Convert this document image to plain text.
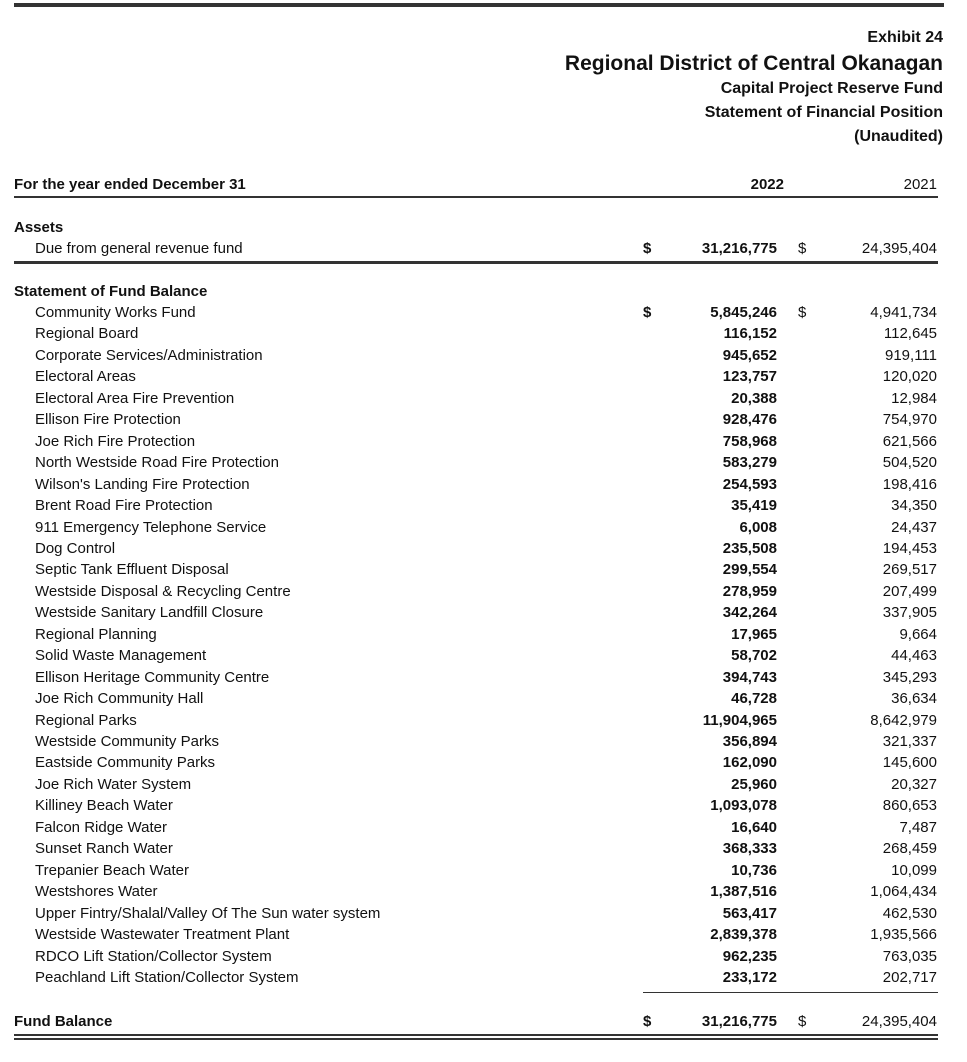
Exhibit 24
Regional District of Central Okanagan
Capital Project Reserve Fund
Statement of Financial Position
(Unaudited)
For the year ended December 31	2022	2021
Assets
Due from general revenue fund	$	31,216,775 $	24,395,404
Statement of Fund Balance
$	$
Community Works Fund	5,845,246	4,941,734
Regional Board	116,152	112,645
Corporate Services/Administration	945,652	919,111
Electoral Areas	123,757	120,020
Electoral Area Fire Prevention	20,388	12,984
Ellison Fire Protection	928,476	754,970
Joe Rich Fire Protection	758,968	621,566
North Westside Road Fire Protection	583,279	504,520
Wilson's Landing Fire Protection	254,593	198,416
Brent Road Fire Protection	35,419	34,350
911 Emergency Telephone Service	6,008	24,437
Dog Control	235,508	194,453
Septic Tank Effluent Disposal	299,554	269,517
Westside Disposal & Recycling Centre	278,959	207,499
Westside Sanitary Landfill Closure	342,264	337,905
Regional Planning	17,965	9,664
Solid Waste Management	58,702	44,463
Ellison Heritage Community Centre	394,743	345,293
Joe Rich Community Hall	46,728	36,634
Regional Parks	11,904,965	8,642,979
Westside Community Parks	356,894	321,337
Eastside Community Parks	162,090	145,600
Joe Rich Water System	25,960	20,327
Killiney Beach Water	1,093,078	860,653
Falcon Ridge Water	16,640	7,487
Sunset Ranch Water	368,333	268,459
Trepanier Beach Water	10,736	10,099
Westshores Water	1,387,516	1,064,434
Upper Fintry/Shalal/Valley Of The Sun water system	563,417	462,530
Westside Wastewater Treatment Plant	2,839,378	1,935,566
RDCO Lift Station/Collector System	962,235	763,035
Peachland Lift Station/Collector System	233,172	202,717
Fund Balance	$	31,216,775 $	24,395,404
